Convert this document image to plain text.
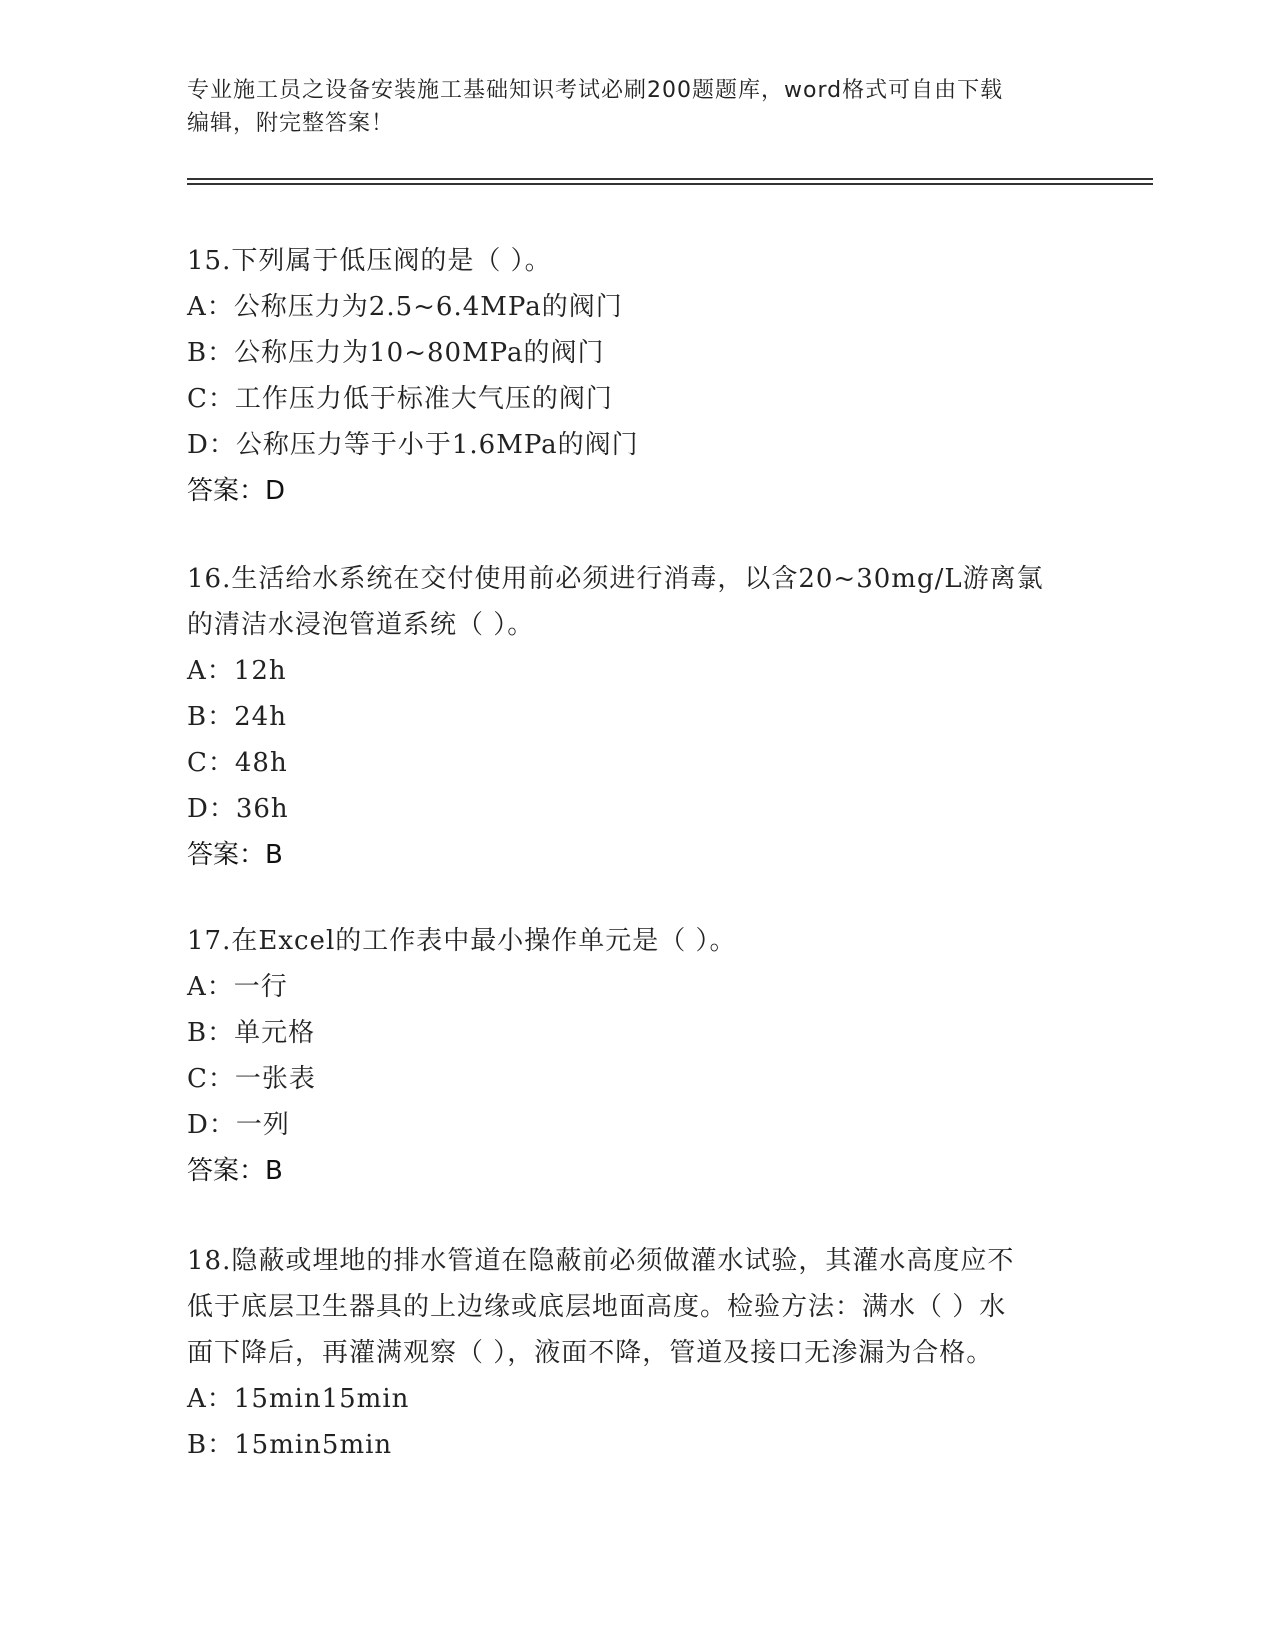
专业施工员之设备安装施工基础知识考试必刷200题题库，word格式可自由下载
编辑，附完整答案！
15.下列属于低压阀的是（ ）。
A：公称压力为2.5~6.4MPa的阀门
B：公称压力为10~80MPa的阀门
C：工作压力低于标准大气压的阀门
D：公称压力等于小于1.6MPa的阀门
答案：D
16.生活给水系统在交付使用前必须进行消毒，以含20~30mg/L游离氯
的清洁水浸泡管道系统（ ）。
A：12h
B：24h
C：48h
D：36h
答案：B
17.在Excel的工作表中最小操作单元是（ ）。
A：一行
B：单元格
C：一张表
D：一列
答案：B
18.隐蔽或埋地的排水管道在隐蔽前必须做灌水试验，其灌水高度应不
低于底层卫生器具的上边缘或底层地面高度。检验方法：满水（ ）水
面下降后，再灌满观察（ ），液面不降，管道及接口无渗漏为合格。
A：15min15min
B：15min5min
